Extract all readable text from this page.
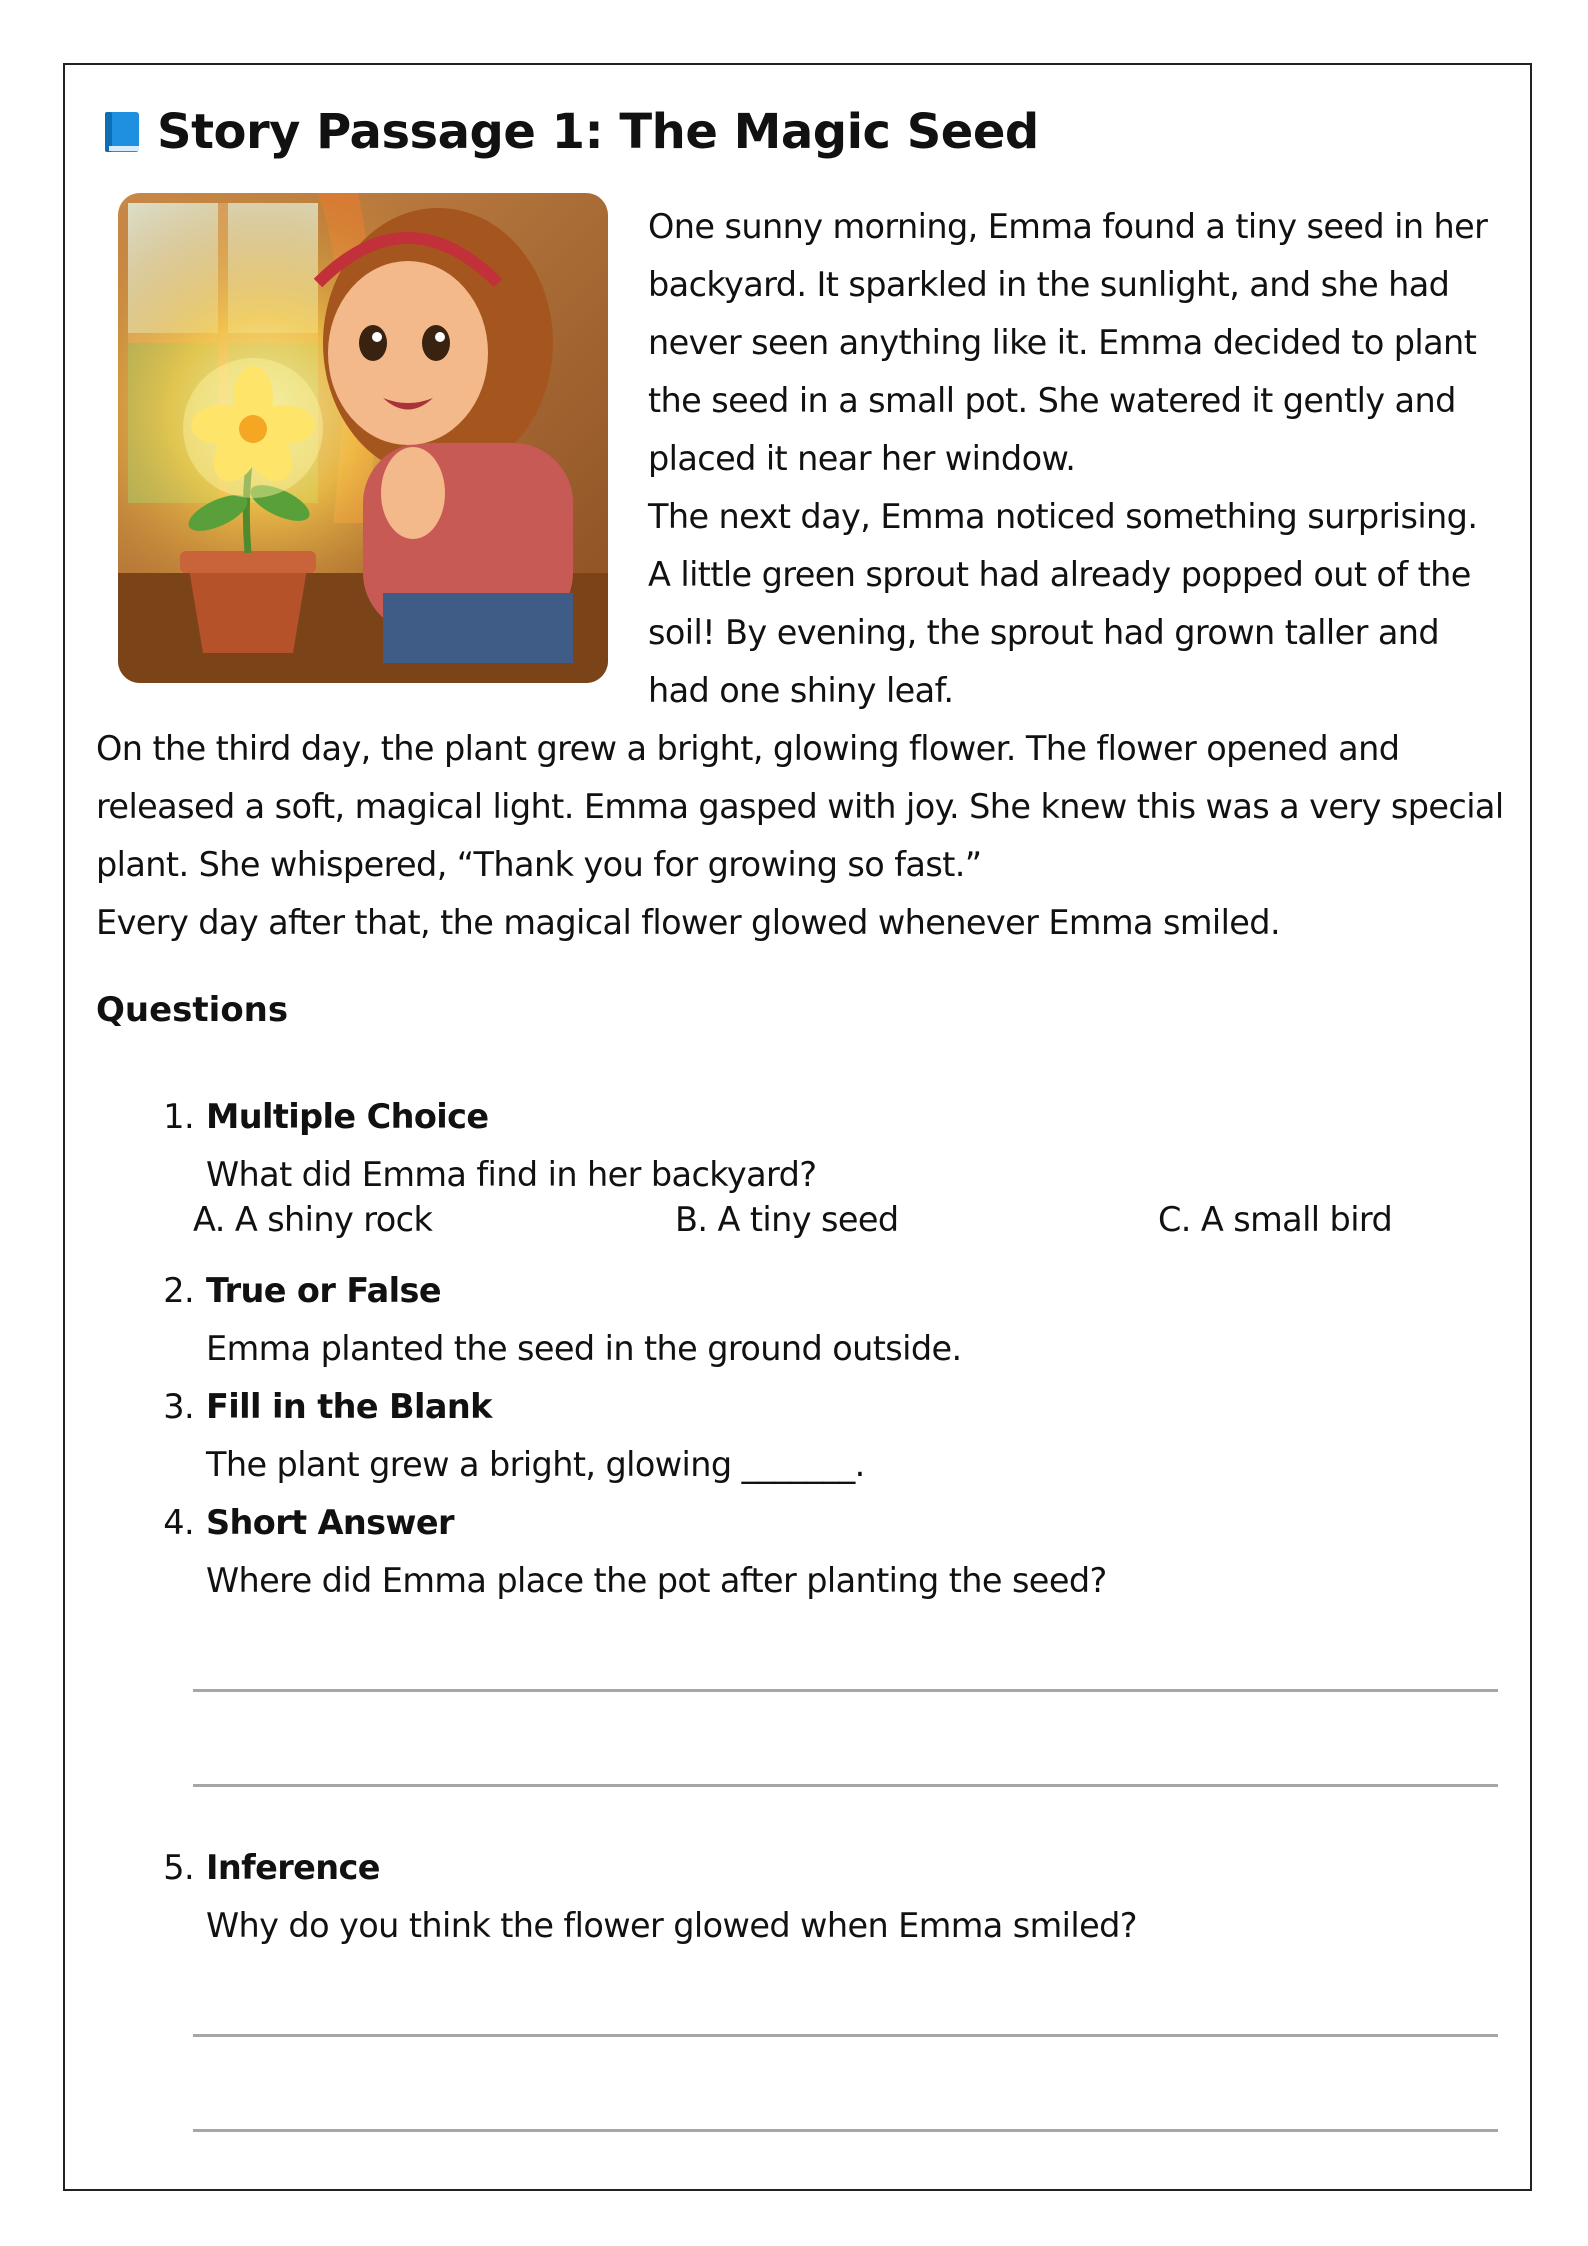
Story Passage 1: The Magic Seed

One sunny morning, Emma found a tiny seed in her backyard. It sparkled in the sunlight, and she had never seen anything like it. Emma decided to plant the seed in a small pot. She watered it gently and placed it near her window.

The next day, Emma noticed something surprising. A little green sprout had already popped out of the soil! By evening, the sprout had grown taller and had one shiny leaf.

On the third day, the plant grew a bright, glowing flower. The flower opened and released a soft, magical light. Emma gasped with joy. She knew this was a very special plant. She whispered, “Thank you for growing so fast.”

Every day after that, the magical flower glowed whenever Emma smiled.

Questions
1. Multiple Choice
What did Emma find in her backyard?
A. A shiny rock	B. A tiny seed	C. A small bird
2. True or False
Emma planted the seed in the ground outside.
3. Fill in the Blank
The plant grew a bright, glowing _______.
4. Short Answer
Where did Emma place the pot after planting the seed?
5. Inference
Why do you think the flower glowed when Emma smiled?
